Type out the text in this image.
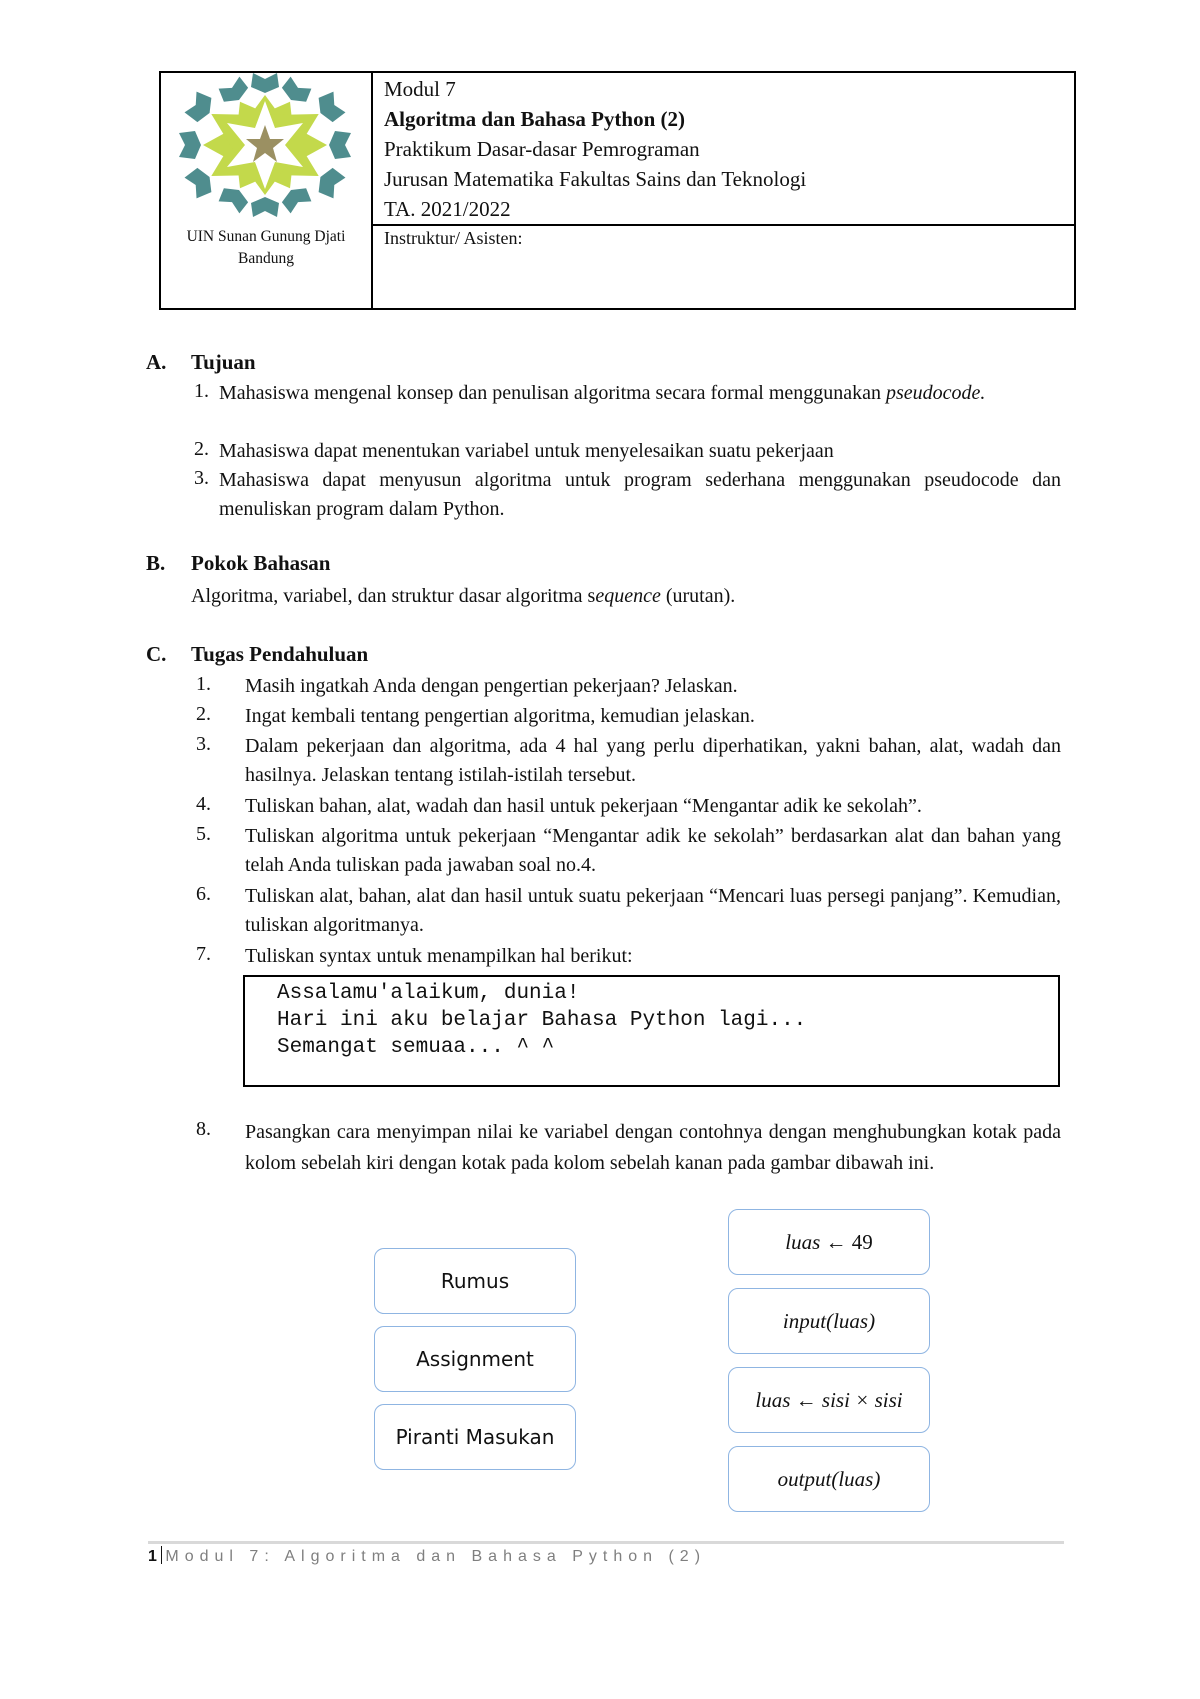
UIN Sunan Gunung Djati
Bandung
Modul 7
Algoritma dan Bahasa Python (2)
Praktikum Dasar-dasar Pemrograman
Jurusan Matematika Fakultas Sains dan Teknologi
TA. 2021/2022
Instruktur/ Asisten:
A. Tujuan
1. Mahasiswa mengenal konsep dan penulisan algoritma secara formal menggunakan pseudocode.
2. Mahasiswa dapat menentukan variabel untuk menyelesaikan suatu pekerjaan
3. Mahasiswa dapat menyusun algoritma untuk program sederhana menggunakan pseudocode dan menuliskan program dalam Python.
B. Pokok Bahasan
Algoritma, variabel, dan struktur dasar algoritma sequence (urutan).
C. Tugas Pendahuluan
1. Masih ingatkah Anda dengan pengertian pekerjaan? Jelaskan.
2. Ingat kembali tentang pengertian algoritma, kemudian jelaskan.
3. Dalam pekerjaan dan algoritma, ada 4 hal yang perlu diperhatikan, yakni bahan, alat, wadah dan hasilnya. Jelaskan tentang istilah-istilah tersebut.
4. Tuliskan bahan, alat, wadah dan hasil untuk pekerjaan “Mengantar adik ke sekolah”.
5. Tuliskan algoritma untuk pekerjaan “Mengantar adik ke sekolah” berdasarkan alat dan bahan yang telah Anda tuliskan pada jawaban soal no.4.
6. Tuliskan alat, bahan, alat dan hasil untuk suatu pekerjaan “Mencari luas persegi panjang”. Kemudian, tuliskan algoritmanya.
7. Tuliskan syntax untuk menampilkan hal berikut:
Assalamu'alaikum, dunia!
Hari ini aku belajar Bahasa Python lagi...
Semangat semuaa... ^ ^
8. Pasangkan cara menyimpan nilai ke variabel dengan contohnya dengan menghubungkan kotak pada kolom sebelah kiri dengan kotak pada kolom sebelah kanan pada gambar dibawah ini.
Rumus
Assignment
Piranti Masukan
luas ← 49
input(luas)
luas ← sisi × sisi
output(luas)
1 Modul 7: Algoritma dan Bahasa Python (2)
